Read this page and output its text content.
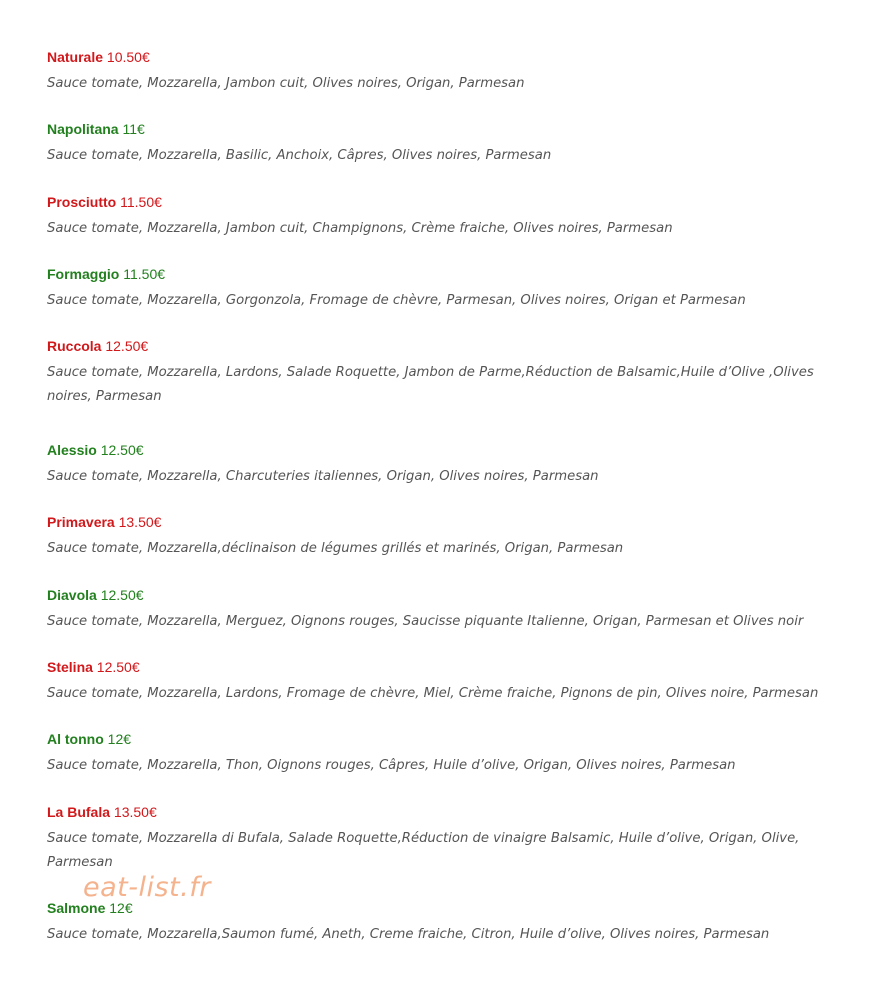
Naturale 10.50€
Sauce tomate, Mozzarella, Jambon cuit, Olives noires, Origan, Parmesan
Napolitana 11€
Sauce tomate, Mozzarella, Basilic, Anchoix, Câpres, Olives noires, Parmesan
Prosciutto 11.50€
Sauce tomate, Mozzarella, Jambon cuit, Champignons, Crème fraiche, Olives noires, Parmesan
Formaggio 11.50€
Sauce tomate, Mozzarella, Gorgonzola, Fromage de chèvre, Parmesan, Olives noires, Origan et Parmesan
Ruccola 12.50€
Sauce tomate, Mozzarella, Lardons, Salade Roquette, Jambon de Parme,Réduction de Balsamic,Huile d’Olive ,Olives noires, Parmesan
Alessio 12.50€
Sauce tomate, Mozzarella, Charcuteries italiennes, Origan, Olives noires, Parmesan
Primavera 13.50€
Sauce tomate, Mozzarella,déclinaison de légumes grillés et marinés, Origan, Parmesan
Diavola 12.50€
Sauce tomate, Mozzarella, Merguez, Oignons rouges, Saucisse piquante Italienne, Origan, Parmesan et Olives noir
Stelina 12.50€
Sauce tomate, Mozzarella, Lardons, Fromage de chèvre, Miel, Crème fraiche, Pignons de pin, Olives noire, Parmesan
Al tonno 12€
Sauce tomate, Mozzarella, Thon, Oignons rouges, Câpres, Huile d’olive, Origan, Olives noires, Parmesan
La Bufala 13.50€
Sauce tomate, Mozzarella di Bufala, Salade Roquette,Réduction de vinaigre Balsamic, Huile d’olive, Origan, Olive, Parmesan
Salmone 12€
Sauce tomate, Mozzarella,Saumon fumé, Aneth, Creme fraiche, Citron, Huile d’olive, Olives noires, Parmesan
eat-list.fr
